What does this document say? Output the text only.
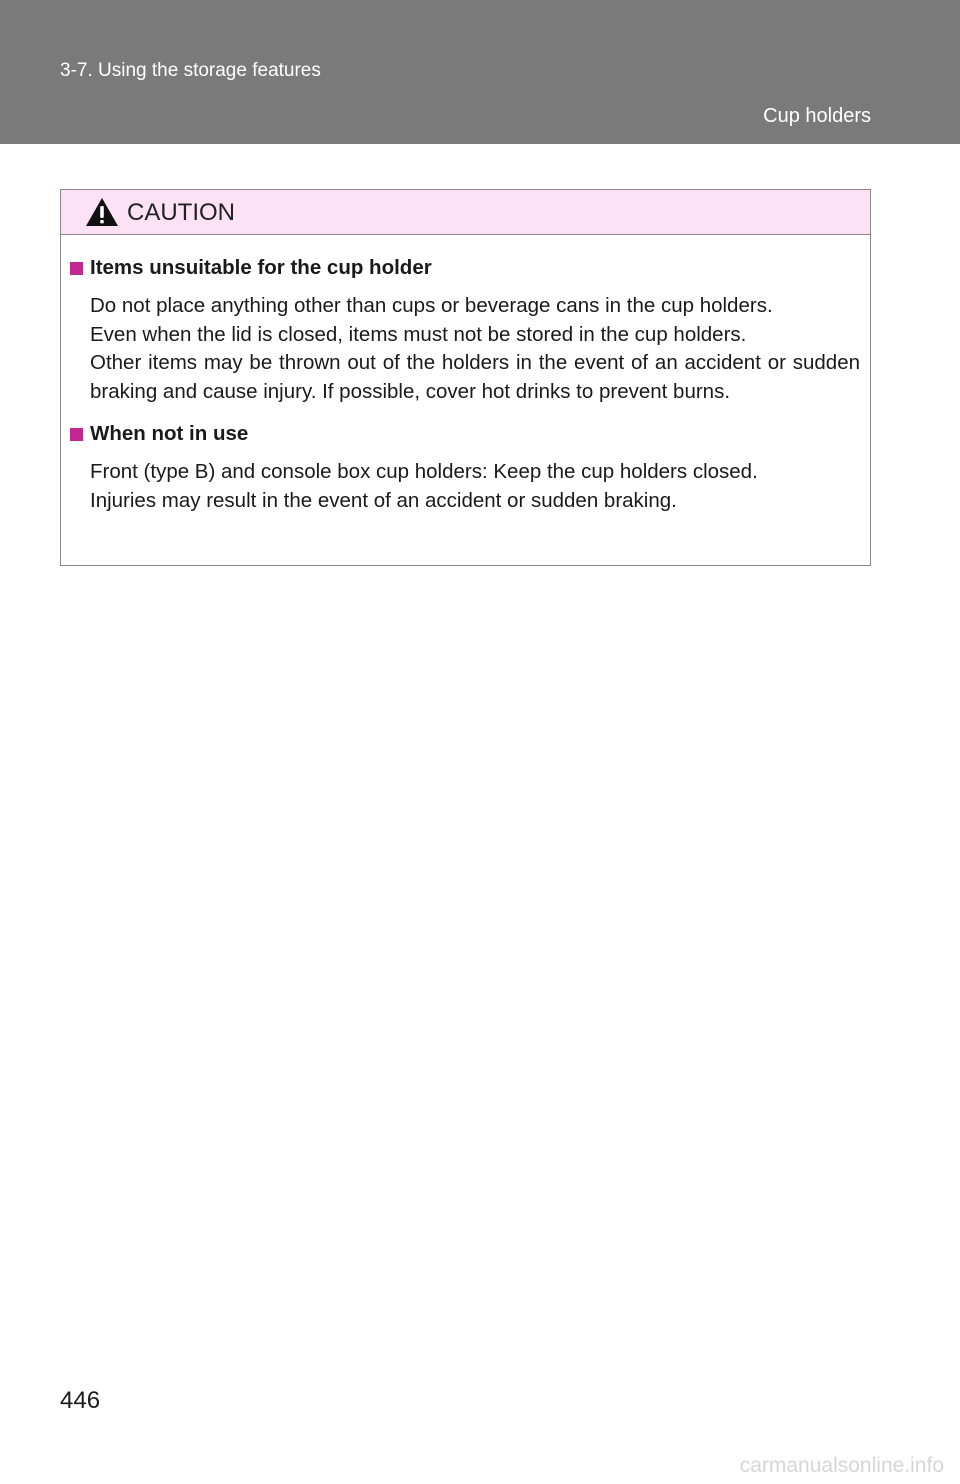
3-7. Using the storage features
Cup holders
CAUTION
Items unsuitable for the cup holder
Do not place anything other than cups or beverage cans in the cup holders.
Even when the lid is closed, items must not be stored in the cup holders.
Other items may be thrown out of the holders in the event of an accident or sudden braking and cause injury. If possible, cover hot drinks to prevent burns.
When not in use
Front (type B) and console box cup holders: Keep the cup holders closed.
Injuries may result in the event of an accident or sudden braking.
446
carmanualsonline.info
